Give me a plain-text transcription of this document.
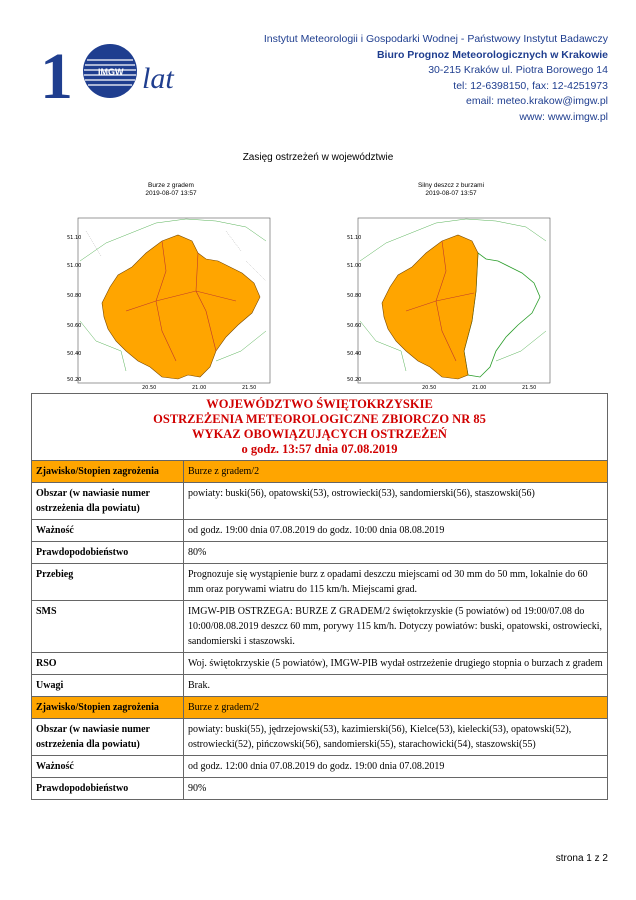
1	IMGW lat
Instytut Meteorologii i Gospodarki Wodnej - Państwowy Instytut Badawczy
Biuro Prognoz Meteorologicznych w Krakowie
30-215 Kraków ul. Piotra Borowego 14
tel: 12-6398150, fax: 12-4251973
email: meteo.krakow@imgw.pl
www: www.imgw.pl
Zasięg ostrzeżeń w województwie
Burze z gradem
2019-08-07 13:57
51.10
51.00
50.80
50.60
50.40
50.20
20.50	21.00	21.50
Silny deszcz z burzami
2019-08-07 13:57
51.10
51.00
50.80
50.60
50.40
50.20
20.50	21.00	21.50
WOJEWÓDZTWO ŚWIĘTOKRZYSKIE
OSTRZEŻENIA METEOROLOGICZNE ZBIORCZO NR 85
WYKAZ OBOWIĄZUJĄCYCH OSTRZEŻEŃ
o godz. 13:57 dnia 07.08.2019	

Zjawisko/Stopien zagrożenia	Burze z gradem/2
Obszar (w nawiasie numer ostrzeżenia dla powiatu)	powiaty: buski(56), opatowski(53), ostrowiecki(53), sandomierski(56), staszowski(56)
Ważność	od godz. 19:00 dnia 07.08.2019 do godz. 10:00 dnia 08.08.2019
Prawdopodobieństwo	80%
Przebieg	Prognozuje się wystąpienie burz z opadami deszczu miejscami od 30 mm do 50 mm, lokalnie do 60 mm oraz porywami wiatru do 115 km/h. Miejscami grad.
SMS	IMGW-PIB OSTRZEGA: BURZE Z GRADEM/2 świętokrzyskie (5 powiatów) od 19:00/07.08 do 10:00/08.08.2019 deszcz 60 mm, porywy 115 km/h. Dotyczy powiatów: buski, opatowski, ostrowiecki, sandomierski i staszowski.
RSO	Woj. świętokrzyskie (5 powiatów), IMGW-PIB wydał ostrzeżenie drugiego stopnia o burzach z gradem
Uwagi	Brak.
Zjawisko/Stopien zagrożenia	Burze z gradem/2
Obszar (w nawiasie numer ostrzeżenia dla powiatu)	powiaty: buski(55), jędrzejowski(53), kazimierski(56), Kielce(53), kielecki(53), opatowski(52), ostrowiecki(52), pińczowski(56), sandomierski(55), starachowicki(54), staszowski(55)
Ważność	od godz. 12:00 dnia 07.08.2019 do godz. 19:00 dnia 07.08.2019
Prawdopodobieństwo	90%
strona 1 z 2
